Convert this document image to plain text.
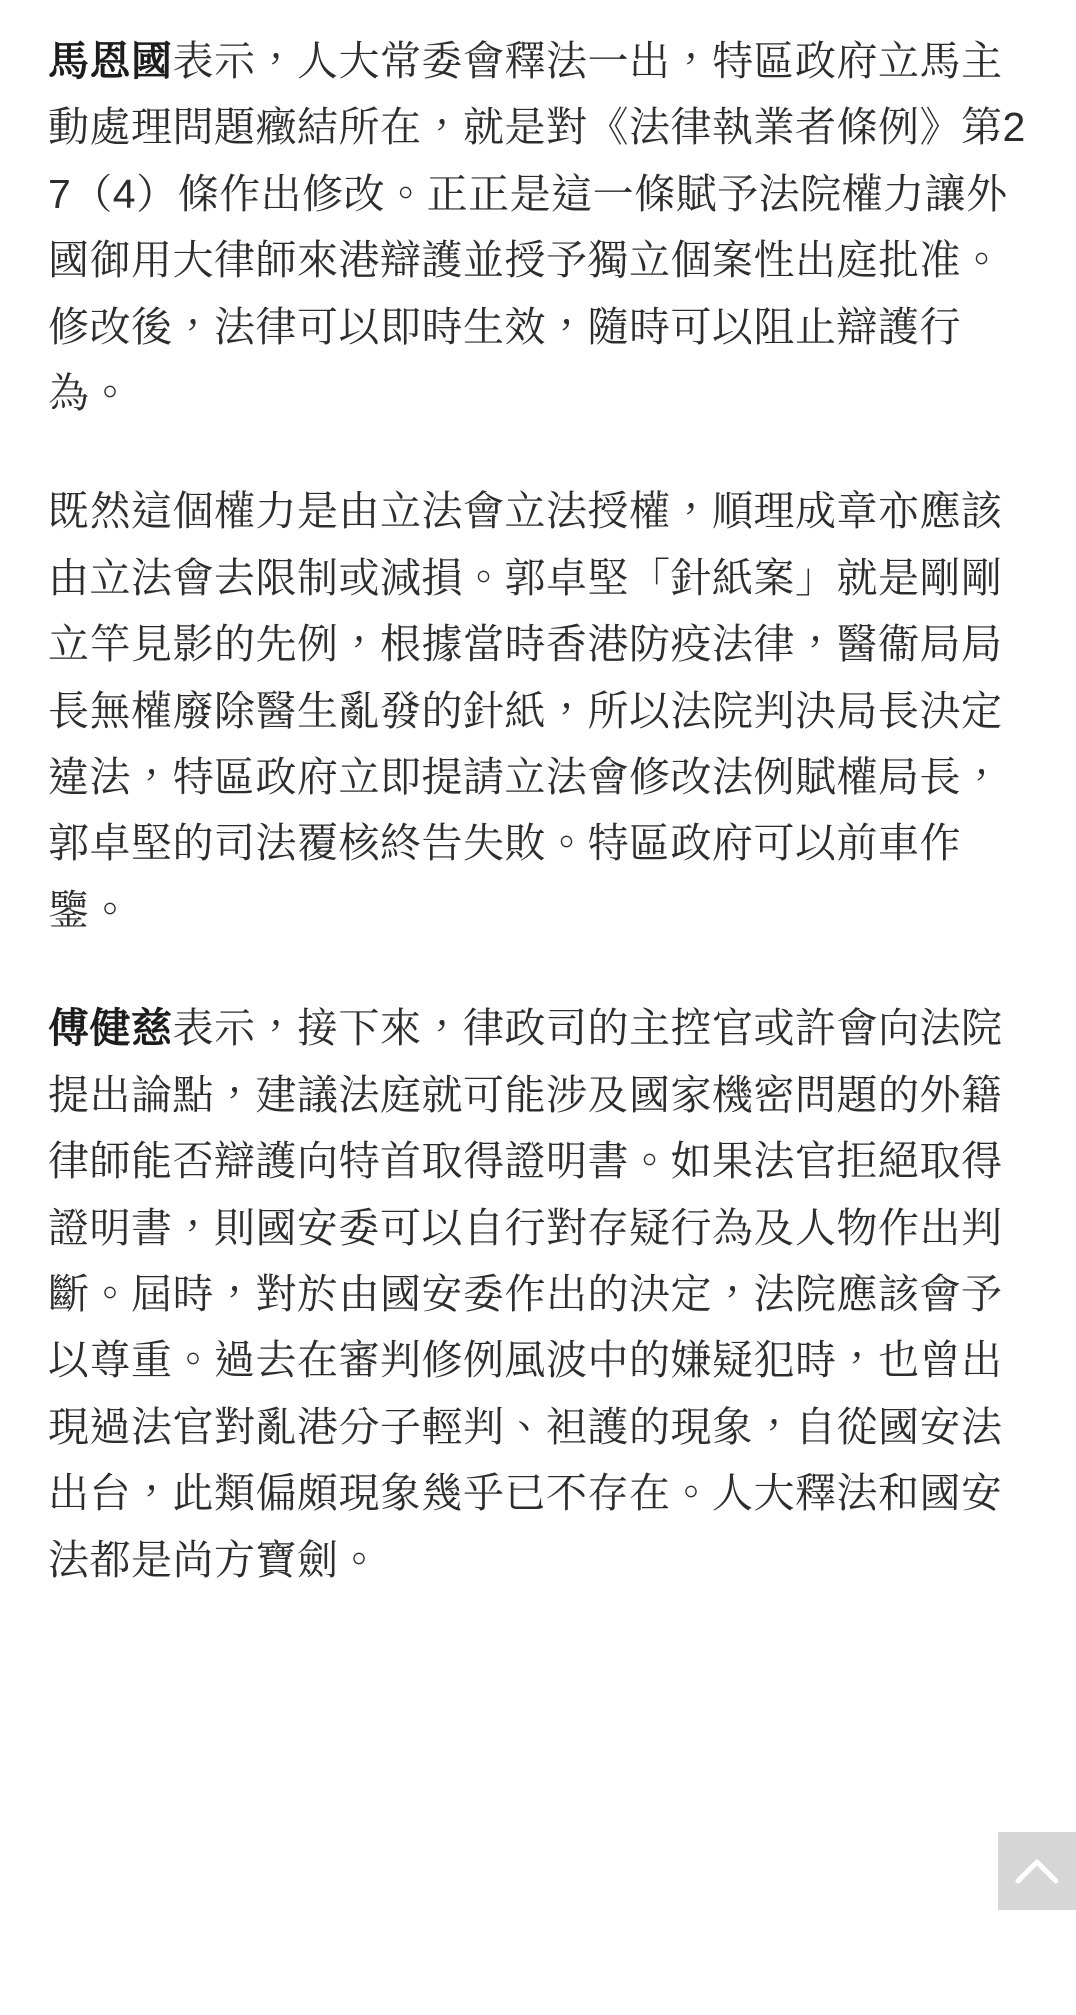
馬恩國表示，人大常委會釋法一出，特區政府立馬主動處理問題癥結所在，就是對《法律執業者條例》第27（4）條作出修改。正正是這一條賦予法院權力讓外國御用大律師來港辯護並授予獨立個案性出庭批准。修改後，法律可以即時生效，隨時可以阻止辯護行為。

既然這個權力是由立法會立法授權，順理成章亦應該由立法會去限制或減損。郭卓堅「針紙案」就是剛剛立竿見影的先例，根據當時香港防疫法律，醫衞局局長無權廢除醫生亂發的針紙，所以法院判決局長決定違法，特區政府立即提請立法會修改法例賦權局長，郭卓堅的司法覆核終告失敗。特區政府可以前車作鑒。

傅健慈表示，接下來，律政司的主控官或許會向法院提出論點，建議法庭就可能涉及國家機密問題的外籍律師能否辯護向特首取得證明書。如果法官拒絕取得證明書，則國安委可以自行對存疑行為及人物作出判斷。屆時，對於由國安委作出的決定，法院應該會予以尊重。過去在審判修例風波中的嫌疑犯時，也曾出現過法官對亂港分子輕判、袒護的現象，自從國安法出台，此類偏頗現象幾乎已不存在。人大釋法和國安法都是尚方寶劍。
